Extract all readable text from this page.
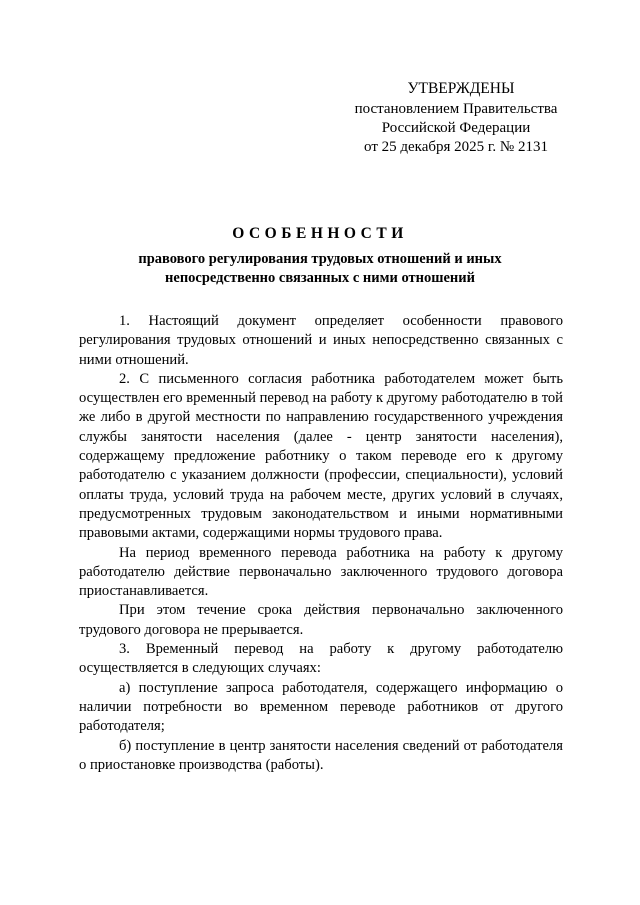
УТВЕРЖДЕНЫ
постановлением Правительства
Российской Федерации
от 25 декабря 2025 г. № 2131
ОСОБЕННОСТИ
правового регулирования трудовых отношений и иных
непосредственно связанных с ними отношений

1. Настоящий документ определяет особенности правового регулирования трудовых отношений и иных непосредственно связанных с ними отношений.

2. С письменного согласия работника работодателем может быть осуществлен его временный перевод на работу к другому работодателю в той же либо в другой местности по направлению государственного учреждения службы занятости населения (далее - центр занятости населения), содержащему предложение работнику о таком переводе его к другому работодателю с указанием должности (профессии, специальности), условий оплаты труда, условий труда на рабочем месте, других условий в случаях, предусмотренных трудовым законодательством и иными нормативными правовыми актами, содержащими нормы трудового права.

На период временного перевода работника на работу к другому работодателю действие первоначально заключенного трудового договора приостанавливается.

При этом течение срока действия первоначально заключенного трудового договора не прерывается.

3. Временный перевод на работу к другому работодателю осуществляется в следующих случаях:

а) поступление запроса работодателя, содержащего информацию о наличии потребности во временном переводе работников от другого работодателя;

б) поступление в центр занятости населения сведений от работодателя о приостановке производства (работы).
